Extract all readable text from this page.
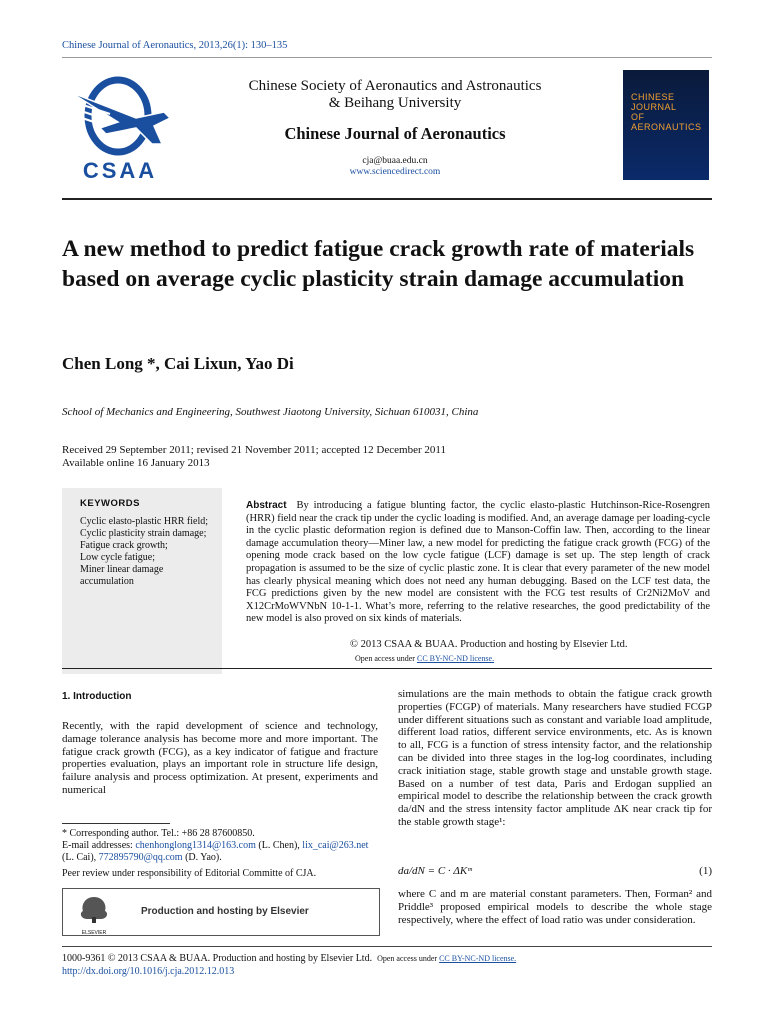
Chinese Journal of Aeronautics, 2013,26(1): 130–135
CSAA
Chinese Society of Aeronautics and Astronautics
& Beihang University
Chinese Journal of Aeronautics
cja@buaa.edu.cn
www.sciencedirect.com
CHINESE
JOURNAL
OF
AERONAUTICS
A new method to predict fatigue crack growth rate of materials based on average cyclic plasticity strain damage accumulation
Chen Long *, Cai Lixun, Yao Di
School of Mechanics and Engineering, Southwest Jiaotong University, Sichuan 610031, China
Received 29 September 2011; revised 21 November 2011; accepted 12 December 2011
Available online 16 January 2013
KEYWORDS
Cyclic elasto-plastic HRR field;
Cyclic plasticity strain damage;
Fatigue crack growth;
Low cycle fatigue;
Miner linear damage accumulation
Abstract By introducing a fatigue blunting factor, the cyclic elasto-plastic Hutchinson-Rice-Rosengren (HRR) field near the crack tip under the cyclic loading is modified. And, an average damage per loading-cycle in the cyclic plastic deformation region is defined due to Manson-Coffin law. Then, according to the linear damage accumulation theory—Miner law, a new model for predicting the fatigue crack growth (FCG) of the opening mode crack based on the low cycle fatigue (LCF) damage is set up. The step length of crack propagation is assumed to be the size of cyclic plastic zone. It is clear that every parameter of the new model has clearly physical meaning which does not need any human debugging. Based on the LCF test data, the FCG predictions given by the new model are consistent with the FCG test results of Cr2Ni2MoV and X12CrMoWVNbN 10-1-1. What’s more, referring to the relative researches, the good predictability of the new model is also proved on six kinds of materials.
© 2013 CSAA & BUAA. Production and hosting by Elsevier Ltd.
Open access under CC BY-NC-ND license.
1. Introduction
Recently, with the rapid development of science and technology, damage tolerance analysis has become more and more important. The fatigue crack growth (FCG), as a key indicator of fatigue and fracture properties evaluation, plays an important role in structure life design, failure analysis and process optimization. At present, experiments and numerical
* Corresponding author. Tel.: +86 28 87600850.
E-mail addresses: chenhonglong1314@163.com (L. Chen), lix_cai@263.net (L. Cai), 772895790@qq.com (D. Yao).
Peer review under responsibility of Editorial Committe of CJA.
ELSEVIER
Production and hosting by Elsevier
simulations are the main methods to obtain the fatigue crack growth properties (FCGP) of materials. Many researchers have studied FCGP under different situations such as constant and variable load amplitude, different load ratios, different service environments, etc. As is known to all, FCG is a function of stress intensity factor, and the relationship can be divided into three stages in the log-log coordinates, including crack initiation stage, stable growth stage and unstable growth stage. Based on a number of test data, Paris and Erdogan supplied an empirical model to describe the relationship between the crack growth da/dN and the stress intensity factor amplitude ΔK near crack tip for the stable growth stage¹:
da/dN = C · ΔKᵐ	(1)
where C and m are material constant parameters. Then, Forman² and Priddle³ proposed empirical models to describe the whole stage respectively, where the effect of load ratio was under consideration.
1000-9361 © 2013 CSAA & BUAA. Production and hosting by Elsevier Ltd. Open access under CC BY-NC-ND license.
http://dx.doi.org/10.1016/j.cja.2012.12.013
